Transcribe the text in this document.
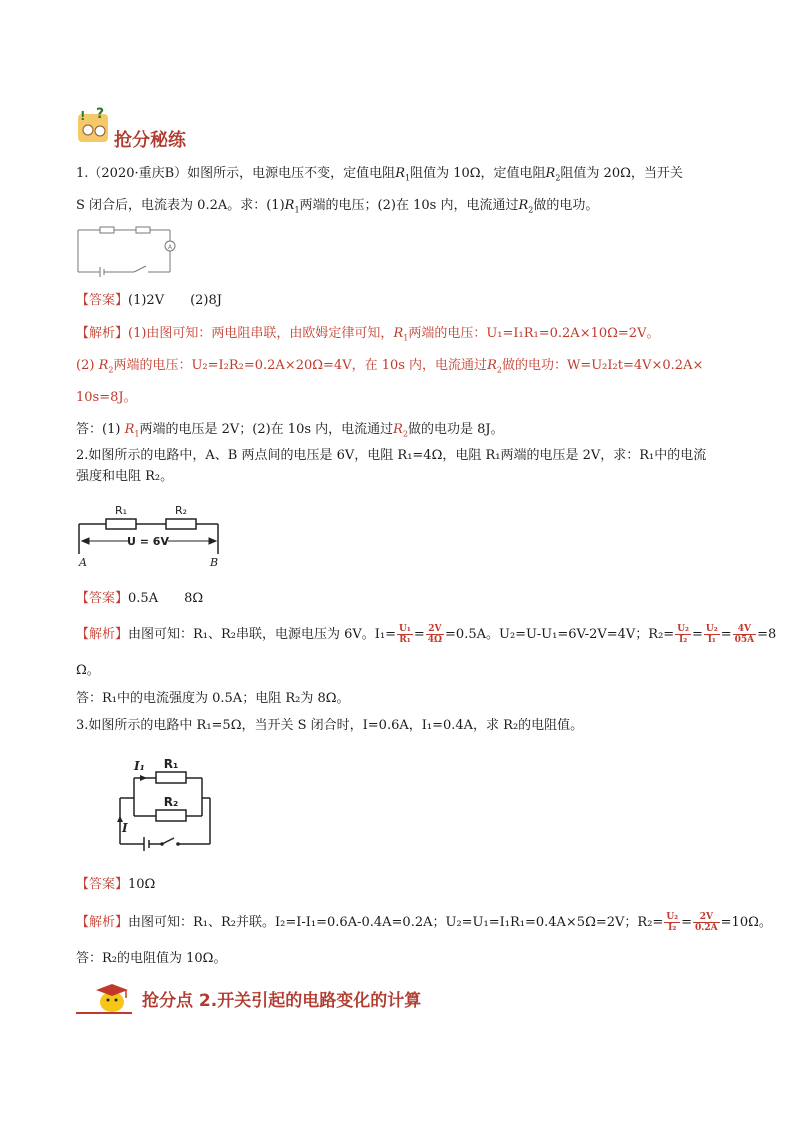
! ?
抢分秘练
1.（2020·重庆B）如图所示，电源电压不变，定值电阻$R_1$阻值为 10Ω，定值电阻$R_2$阻值为 20Ω，当开关
S 闭合后，电流表为 0.2A。求：$(1)R_1$两端的电压；(2)在 10s 内，电流通过$R_2$做的电功。
A
【答案】(1)2V　　(2)8J
【解析】(1)由图可知：两电阻串联，由欧姆定律可知，$R_1$两端的电压：U₁=I₁R₁=0.2A×10Ω=2V。
(2) $R_2$两端的电压：U₂=I₂R₂=0.2A×20Ω=4V，在 10s 内，电流通过$R_2$做的电功：W=U₂I₂t=4V×0.2A×
10s=8J。
答：(1) $R_1$两端的电压是 2V；(2)在 10s 内，电流通过$R_2$做的电功是 8J。
2.如图所示的电路中，A、B 两点间的电压是 6V，电阻 R₁=4Ω，电阻 R₁两端的电压是 2V，求：R₁中的电流
强度和电阻 R₂。
R₁	R₂
U = 6V
A	B
【答案】0.5A　　8Ω
【解析】由图可知：R₁、R₂串联，电源电压为 6V。$I_1= \frac{\text{U₁}}{\text{R₁}} = \frac{2V}{4\Omega} =0.5A$。U₂=U-U₁=6V-2V=4V；$R_2= \frac{\text{U₂}}{\text{I₂}} = \frac{\text{U₂}}{\text{I₁}} = \frac{4V}{05A} =8$
Ω。
答：R₁中的电流强度为 0.5A；电阻 R₂为 8Ω。
3.如图所示的电路中 R₁=5Ω，当开关 S 闭合时，I=0.6A，I₁=0.4A，求 R₂的电阻值。
I₁ R₁
R₂
I
【答案】10Ω
【解析】由图可知：R₁、R₂并联。I₂=I-I₁=0.6A-0.4A=0.2A；U₂=U₁=I₁R₁=0.4A×5Ω=2V；$R_2= \frac{\text{U₂}}{\text{I₂}} = \frac{2V}{0.2A} =10\Omega$。
答：R₂的电阻值为 10Ω。
抢分点 2.开关引起的电路变化的计算
